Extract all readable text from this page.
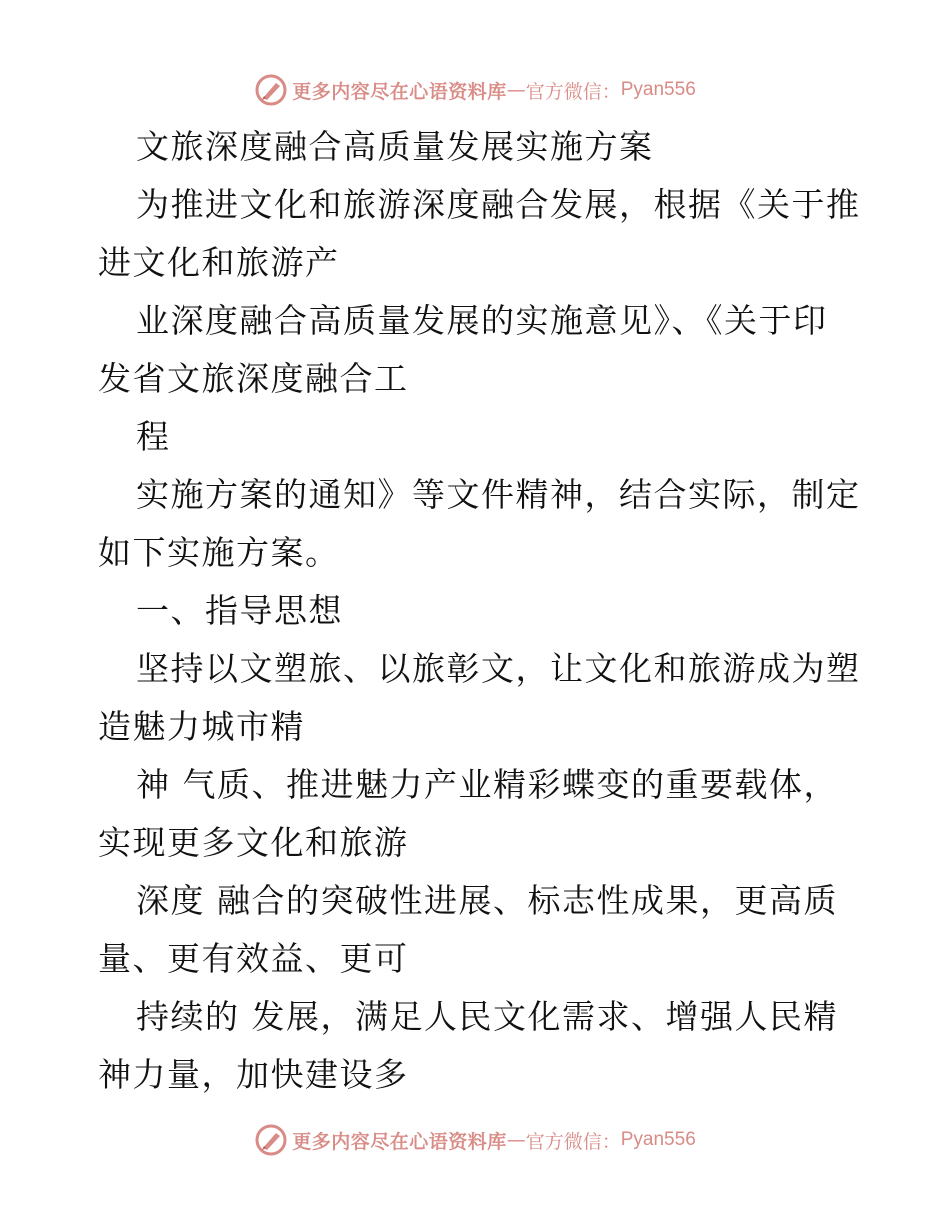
更多内容尽在心语资料库 — 官方微信： Pyan556
文旅深度融合高质量发展实施方案
为推进文化和旅游深度融合发展，根据《关于推
进文化和旅游产
业深度融合高质量发展的实施意见》、《关于印
发省文旅深度融合工
程
实施方案的通知》等文件精神，结合实际，制定
如下实施方案。
一、指导思想
坚持以文塑旅、以旅彰文，让文化和旅游成为塑
造魅力城市精
神 气质、推进魅力产业精彩蝶变的重要载体，
实现更多文化和旅游
深度 融合的突破性进展、标志性成果，更高质
量、更有效益、更可
持续的 发展，满足人民文化需求、增强人民精
神力量，加快建设多
更多内容尽在心语资料库 — 官方微信： Pyan556
